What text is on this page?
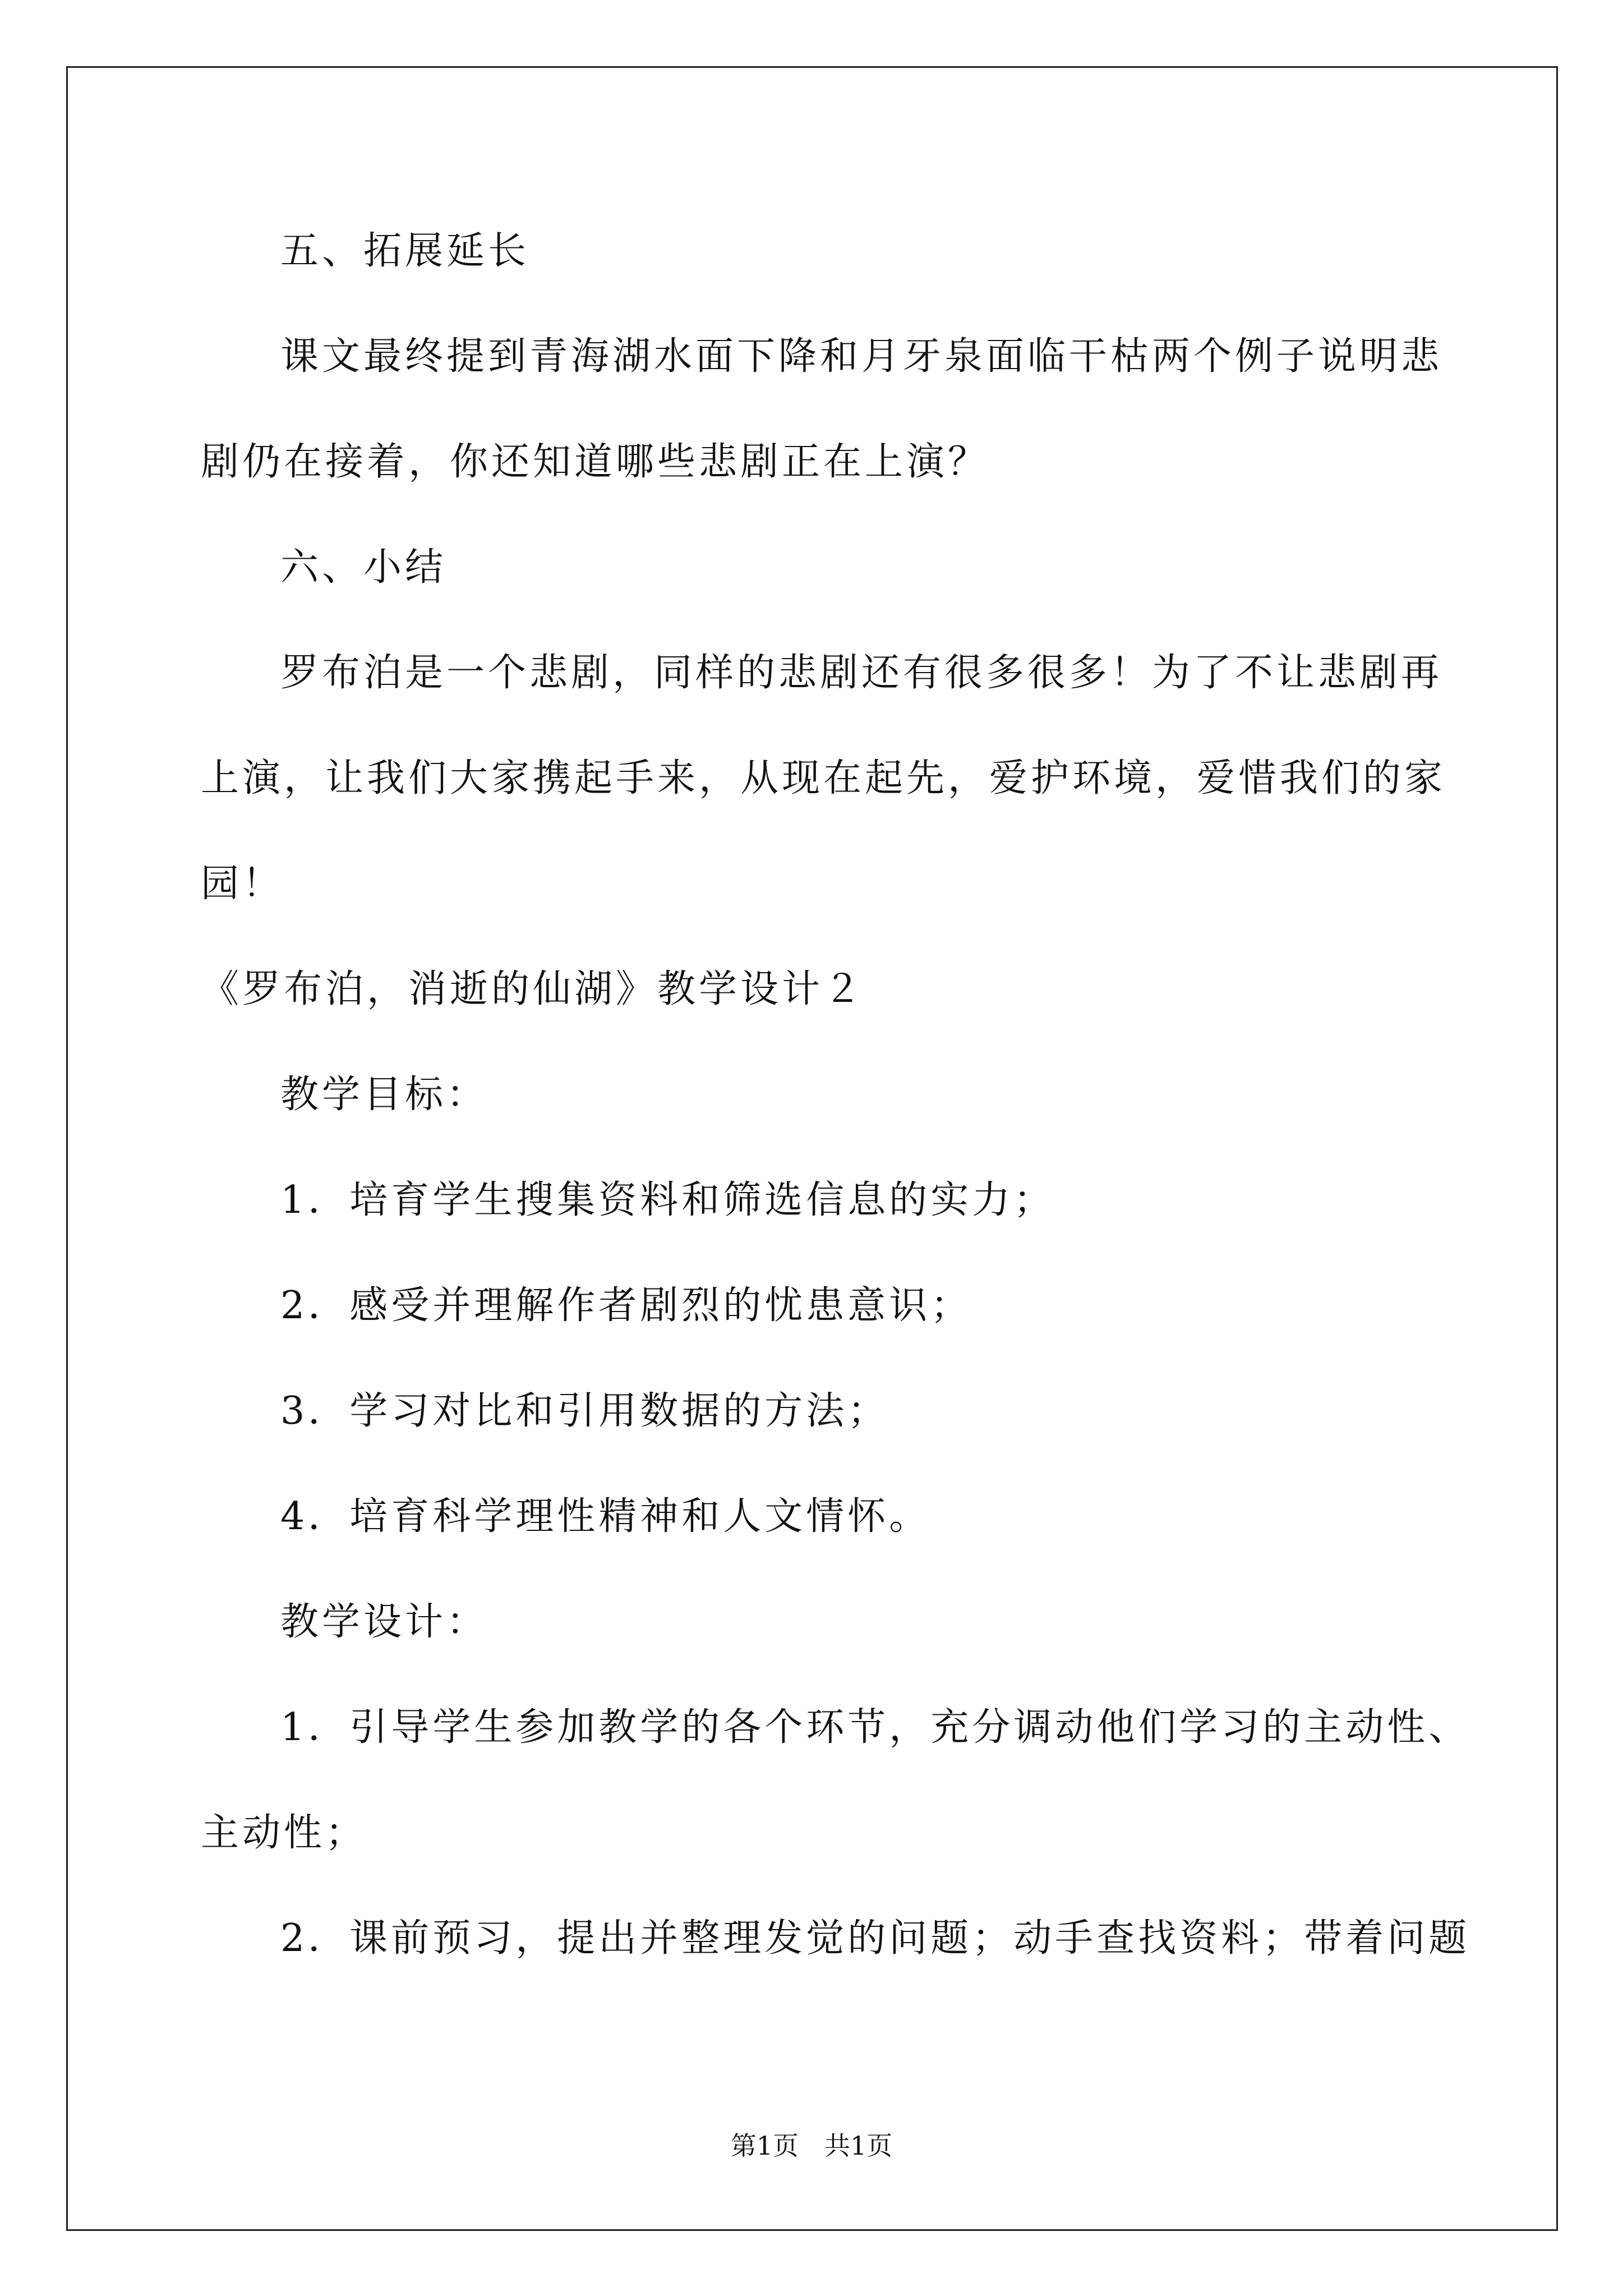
五、拓展延长
课文最终提到青海湖水面下降和月牙泉面临干枯两个例子说明悲
剧仍在接着，你还知道哪些悲剧正在上演？
六、小结
罗布泊是一个悲剧，同样的悲剧还有很多很多！为了不让悲剧再
上演，让我们大家携起手来，从现在起先，爱护环境，爱惜我们的家
园！
《罗布泊，消逝的仙湖》教学设计２
教学目标：
1．培育学生搜集资料和筛选信息的实力；
2．感受并理解作者剧烈的忧患意识；
3．学习对比和引用数据的方法；
4．培育科学理性精神和人文情怀。
教学设计：
1．引导学生参加教学的各个环节，充分调动他们学习的主动性、
主动性；
2．课前预习，提出并整理发觉的问题；动手查找资料；带着问题
第1页　共1页
